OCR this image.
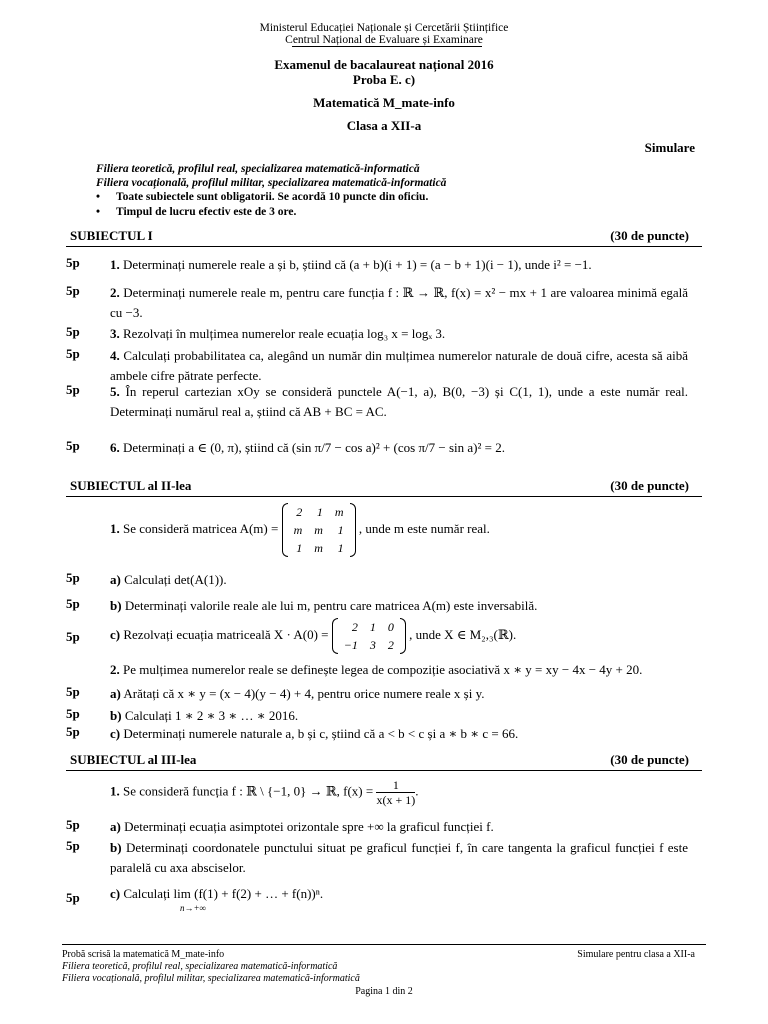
Ministerul Educației Naționale și Cercetării Științifice
Centrul Național de Evaluare și Examinare
Examenul de bacalaureat național 2016
Proba E. c)
Matematică M_mate-info
Clasa a XII-a
Simulare
Filiera teoretică, profilul real, specializarea matematică-informatică
Filiera vocațională, profilul militar, specializarea matematică-informatică
• Toate subiectele sunt obligatorii. Se acordă 10 puncte din oficiu.
• Timpul de lucru efectiv este de 3 ore.
SUBIECTUL I	(30 de puncte)
5p	1. Determinați numerele reale a și b, știind că (a + b)(i + 1) = (a − b + 1)(i − 1), unde i² = −1.
5p	2. Determinați numerele reale m, pentru care funcția f : ℝ → ℝ, f(x) = x² − mx + 1 are valoarea minimă egală cu −3.
5p	3. Rezolvați în mulțimea numerelor reale ecuația log₃ x = logₓ 3.
5p	4. Calculați probabilitatea ca, alegând un număr din mulțimea numerelor naturale de două cifre, acesta să aibă ambele cifre pătrate perfecte.
5p	5. În reperul cartezian xOy se consideră punctele A(−1, a), B(0, −3) și C(1, 1), unde a este număr real. Determinați numărul real a, știind că AB + BC = AC.
5p	6. Determinați a ∈ (0, π), știind că (sin π/7 − cos a)² + (cos π/7 − sin a)² = 2.
SUBIECTUL al II-lea	(30 de puncte)
1. Se consideră matricea A(m) =
2	1	m
m	m	1
1	m	1
, unde m este număr real.
5p	a) Calculați det(A(1)).
5p	b) Determinați valorile reale ale lui m, pentru care matricea A(m) este inversabilă.
5p	c) Rezolvați ecuația matriceală X · A(0) = 2	1	0
−1	3	2
, unde X ∈ M₂,₃(ℝ).
2. Pe mulțimea numerelor reale se definește legea de compoziție asociativă x ∗ y = xy − 4x − 4y + 20.
5p	a) Arătați că x ∗ y = (x − 4)(y − 4) + 4, pentru orice numere reale x și y.
5p	b) Calculați 1 ∗ 2 ∗ 3 ∗ … ∗ 2016.
5p	c) Determinați numerele naturale a, b și c, știind că a < b < c și a ∗ b ∗ c = 66.
SUBIECTUL al III-lea	(30 de puncte)
1. Se consideră funcția f : ℝ \ {−1, 0} → ℝ, $f(x) = \frac{1}{x(x + 1)}$ .
5p	a) Determinați ecuația asimptotei orizontale spre +∞ la graficul funcției f.
5p	b) Determinați coordonatele punctului situat pe graficul funcției f, în care tangenta la graficul funcției f este paralelă cu axa absciselor.
5p	c) Calculați lim (f(1) + f(2) + … + f(n))ⁿ.
n→+∞
Probă scrisă la matematică M_mate-info	Simulare pentru clasa a XII-a
Filiera teoretică, profilul real, specializarea matematică-informatică
Filiera vocațională, profilul militar, specializarea matematică-informatică
Pagina 1 din 2
